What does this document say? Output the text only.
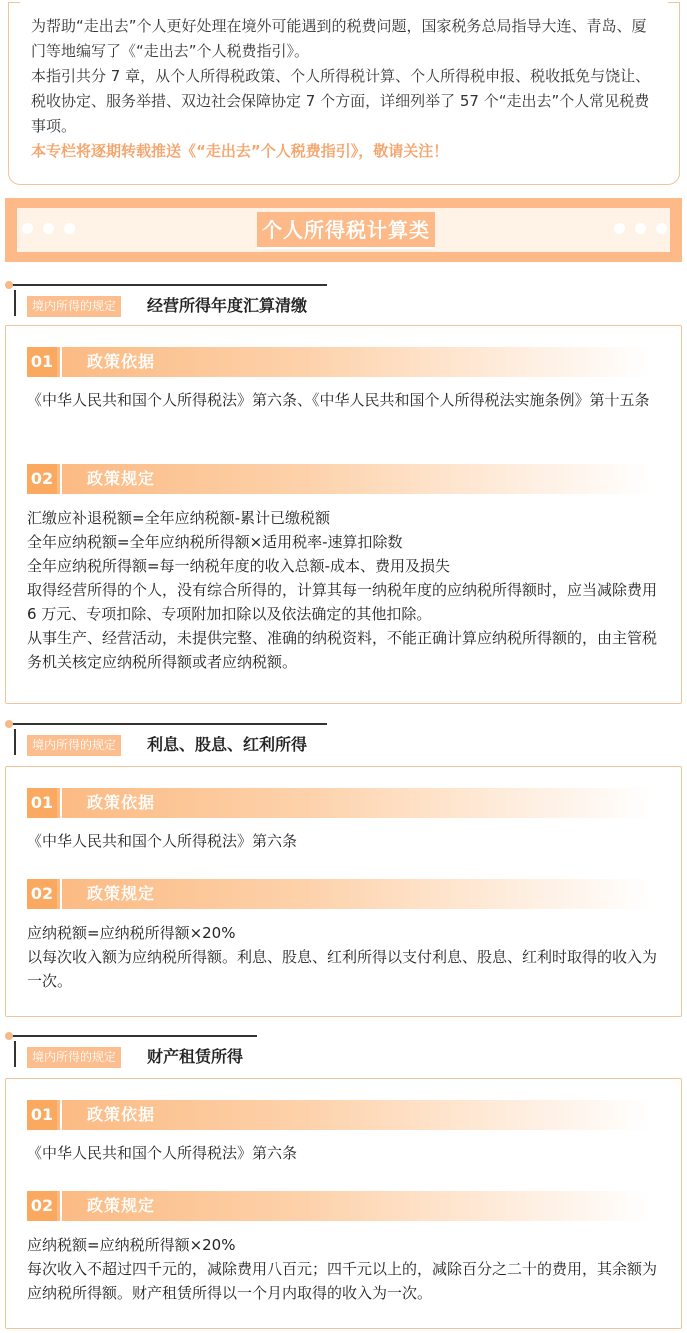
为帮助“走出去”个人更好处理在境外可能遇到的税费问题，国家税务总局指导大连、青岛、厦门等地编写了《“走出去”个人税费指引》。

本指引共分 7 章，从个人所得税政策、个人所得税计算、个人所得税申报、税收抵免与饶让、税收协定、服务举措、双边社会保障协定 7 个方面，详细列举了 57 个“走出去”个人常见税费事项。

本专栏将逐期转载推送《“走出去”个人税费指引》，敬请关注！

个人所得税计算类
境内所得的规定	经营所得年度汇算清缴
01 政策依据
《中华人民共和国个人所得税法》第六条、《中华人民共和国个人所得税法实施条例》第十五条
02 政策规定
汇缴应补退税额=全年应纳税额-累计已缴税额
全年应纳税额=全年应纳税所得额×适用税率-速算扣除数
全年应纳税所得额=每一纳税年度的收入总额-成本、费用及损失
取得经营所得的个人，没有综合所得的，计算其每一纳税年度的应纳税所得额时，应当减除费用 6 万元、专项扣除、专项附加扣除以及依法确定的其他扣除。
从事生产、经营活动，未提供完整、准确的纳税资料，不能正确计算应纳税所得额的，由主管税务机关核定应纳税所得额或者应纳税额。
境内所得的规定	利息、股息、红利所得
01 政策依据
《中华人民共和国个人所得税法》第六条
02 政策规定
应纳税额=应纳税所得额×20%
以每次收入额为应纳税所得额。利息、股息、红利所得以支付利息、股息、红利时取得的收入为一次。
境内所得的规定	财产租赁所得
01 政策依据
《中华人民共和国个人所得税法》第六条
02 政策规定
应纳税额=应纳税所得额×20%
每次收入不超过四千元的，减除费用八百元；四千元以上的，减除百分之二十的费用，其余额为应纳税所得额。财产租赁所得以一个月内取得的收入为一次。
